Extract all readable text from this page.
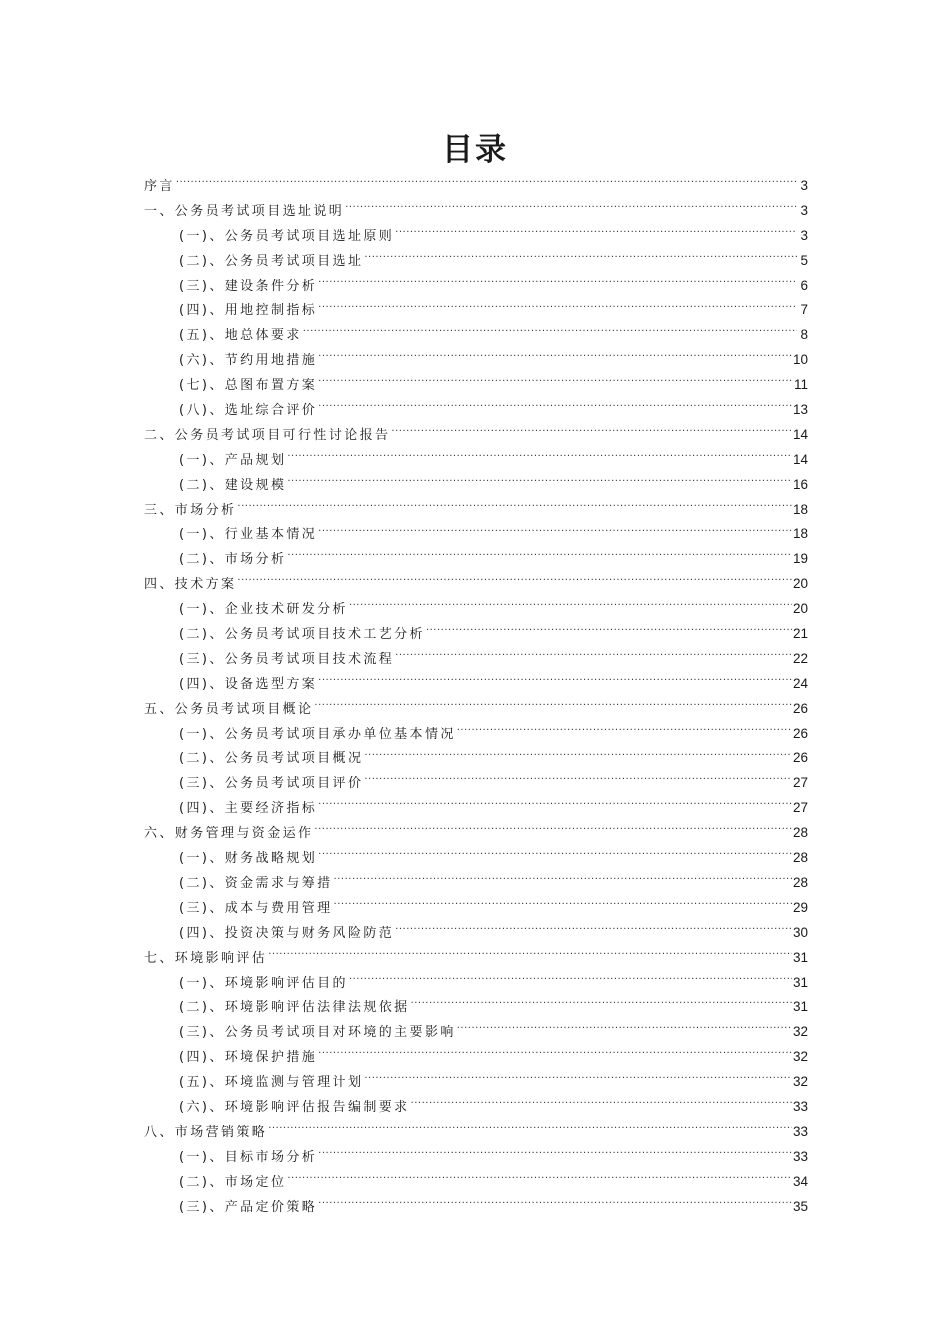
目录
序言 .....	3
一、公务员考试项目选址说明 .....	3
(一)、公务员考试项目选址原则 .....	3
(二)、公务员考试项目选址 .....	5
(三)、建设条件分析 .....	6
(四)、用地控制指标 .....	7
(五)、地总体要求 .....	8
(六)、节约用地措施 .....	10
(七)、总图布置方案 .....	11
(八)、选址综合评价 .....	13
二、公务员考试项目可行性讨论报告 .....	14
(一)、产品规划 .....	14
(二)、建设规模 .....	16
三、市场分析 .....	18
(一)、行业基本情况 .....	18
(二)、市场分析 .....	19
四、技术方案 .....	20
(一)、企业技术研发分析 .....	20
(二)、公务员考试项目技术工艺分析 .....	21
(三)、公务员考试项目技术流程 .....	22
(四)、设备选型方案 .....	24
五、公务员考试项目概论 .....	26
(一)、公务员考试项目承办单位基本情况 .....	26
(二)、公务员考试项目概况 .....	26
(三)、公务员考试项目评价 .....	27
(四)、主要经济指标 .....	27
六、财务管理与资金运作 .....	28
(一)、财务战略规划 .....	28
(二)、资金需求与筹措 .....	28
(三)、成本与费用管理 .....	29
(四)、投资决策与财务风险防范 .....	30
七、环境影响评估 .....	31
(一)、环境影响评估目的 .....	31
(二)、环境影响评估法律法规依据 .....	31
(三)、公务员考试项目对环境的主要影响 .....	32
(四)、环境保护措施 .....	32
(五)、环境监测与管理计划 .....	32
(六)、环境影响评估报告编制要求 .....	33
八、市场营销策略 .....	33
(一)、目标市场分析 .....	33
(二)、市场定位 .....	34
(三)、产品定价策略 .....	35
